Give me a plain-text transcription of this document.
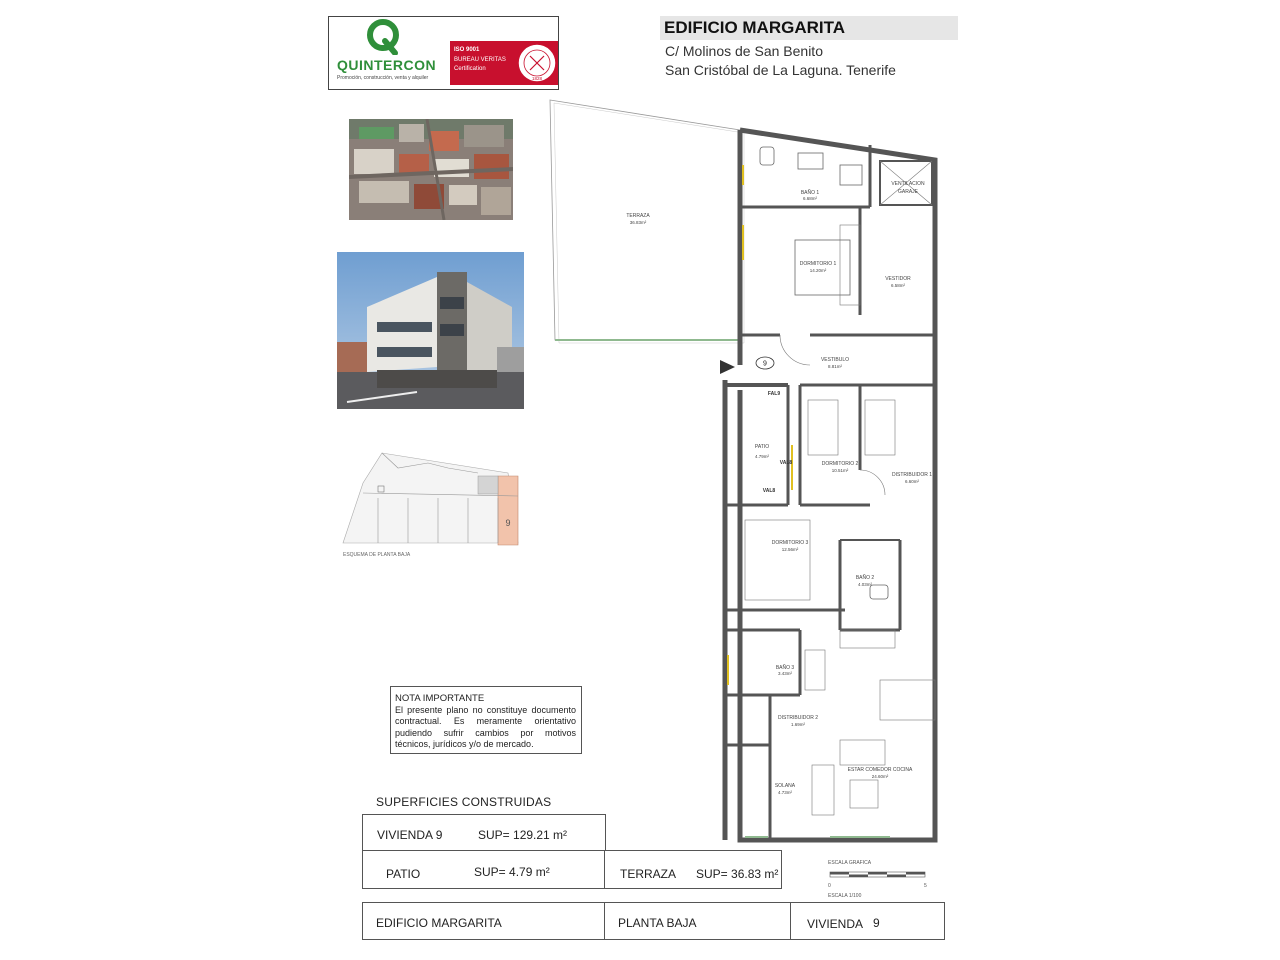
QUINTERCON
Promoción, construcción, venta y alquiler
ISO 9001
BUREAU VERITAS
Certification
1828
EDIFICIO MARGARITA
C/ Molinos de San Benito
San Cristóbal de La Laguna. Tenerife
9
ESQUEMA DE PLANTA BAJA
9
TERRAZA
36.83m²
BAÑO 1
6.68m²
VENTILACION
GARAJE
DORMITORIO 1
14.20m²
VESTIDOR
6.58m²
VESTIBULO
8.81m²
FAL9
PATIO
4.79m²
VAL8
VAL8
DORMITORIO 2
10.51m²
DISTRIBUIDOR 1
6.60m²
DORMITORIO 3
12.56m²
BAÑO 2
4.03m²
BAÑO 3
3.43m²
DISTRIBUIDOR 2
1.69m²
ESTAR COMEDOR COCINA
24.60m²
SOLANA
4.73m²
NOTA IMPORTANTE
El presente plano no constituye documento contractual. Es meramente orientativo pudiendo sufrir cambios por motivos técnicos, jurídicos y/o de mercado.
SUPERFICIES CONSTRUIDAS
VIVIENDA 9	SUP= 129.21 m²
PATIO	SUP= 4.79 m²	TERRAZA SUP= 36.83 m²
ESCALA GRAFICA
0	5
ESCALA 1/100
EDIFICIO MARGARITA	PLANTA BAJA	VIVIENDA 9
